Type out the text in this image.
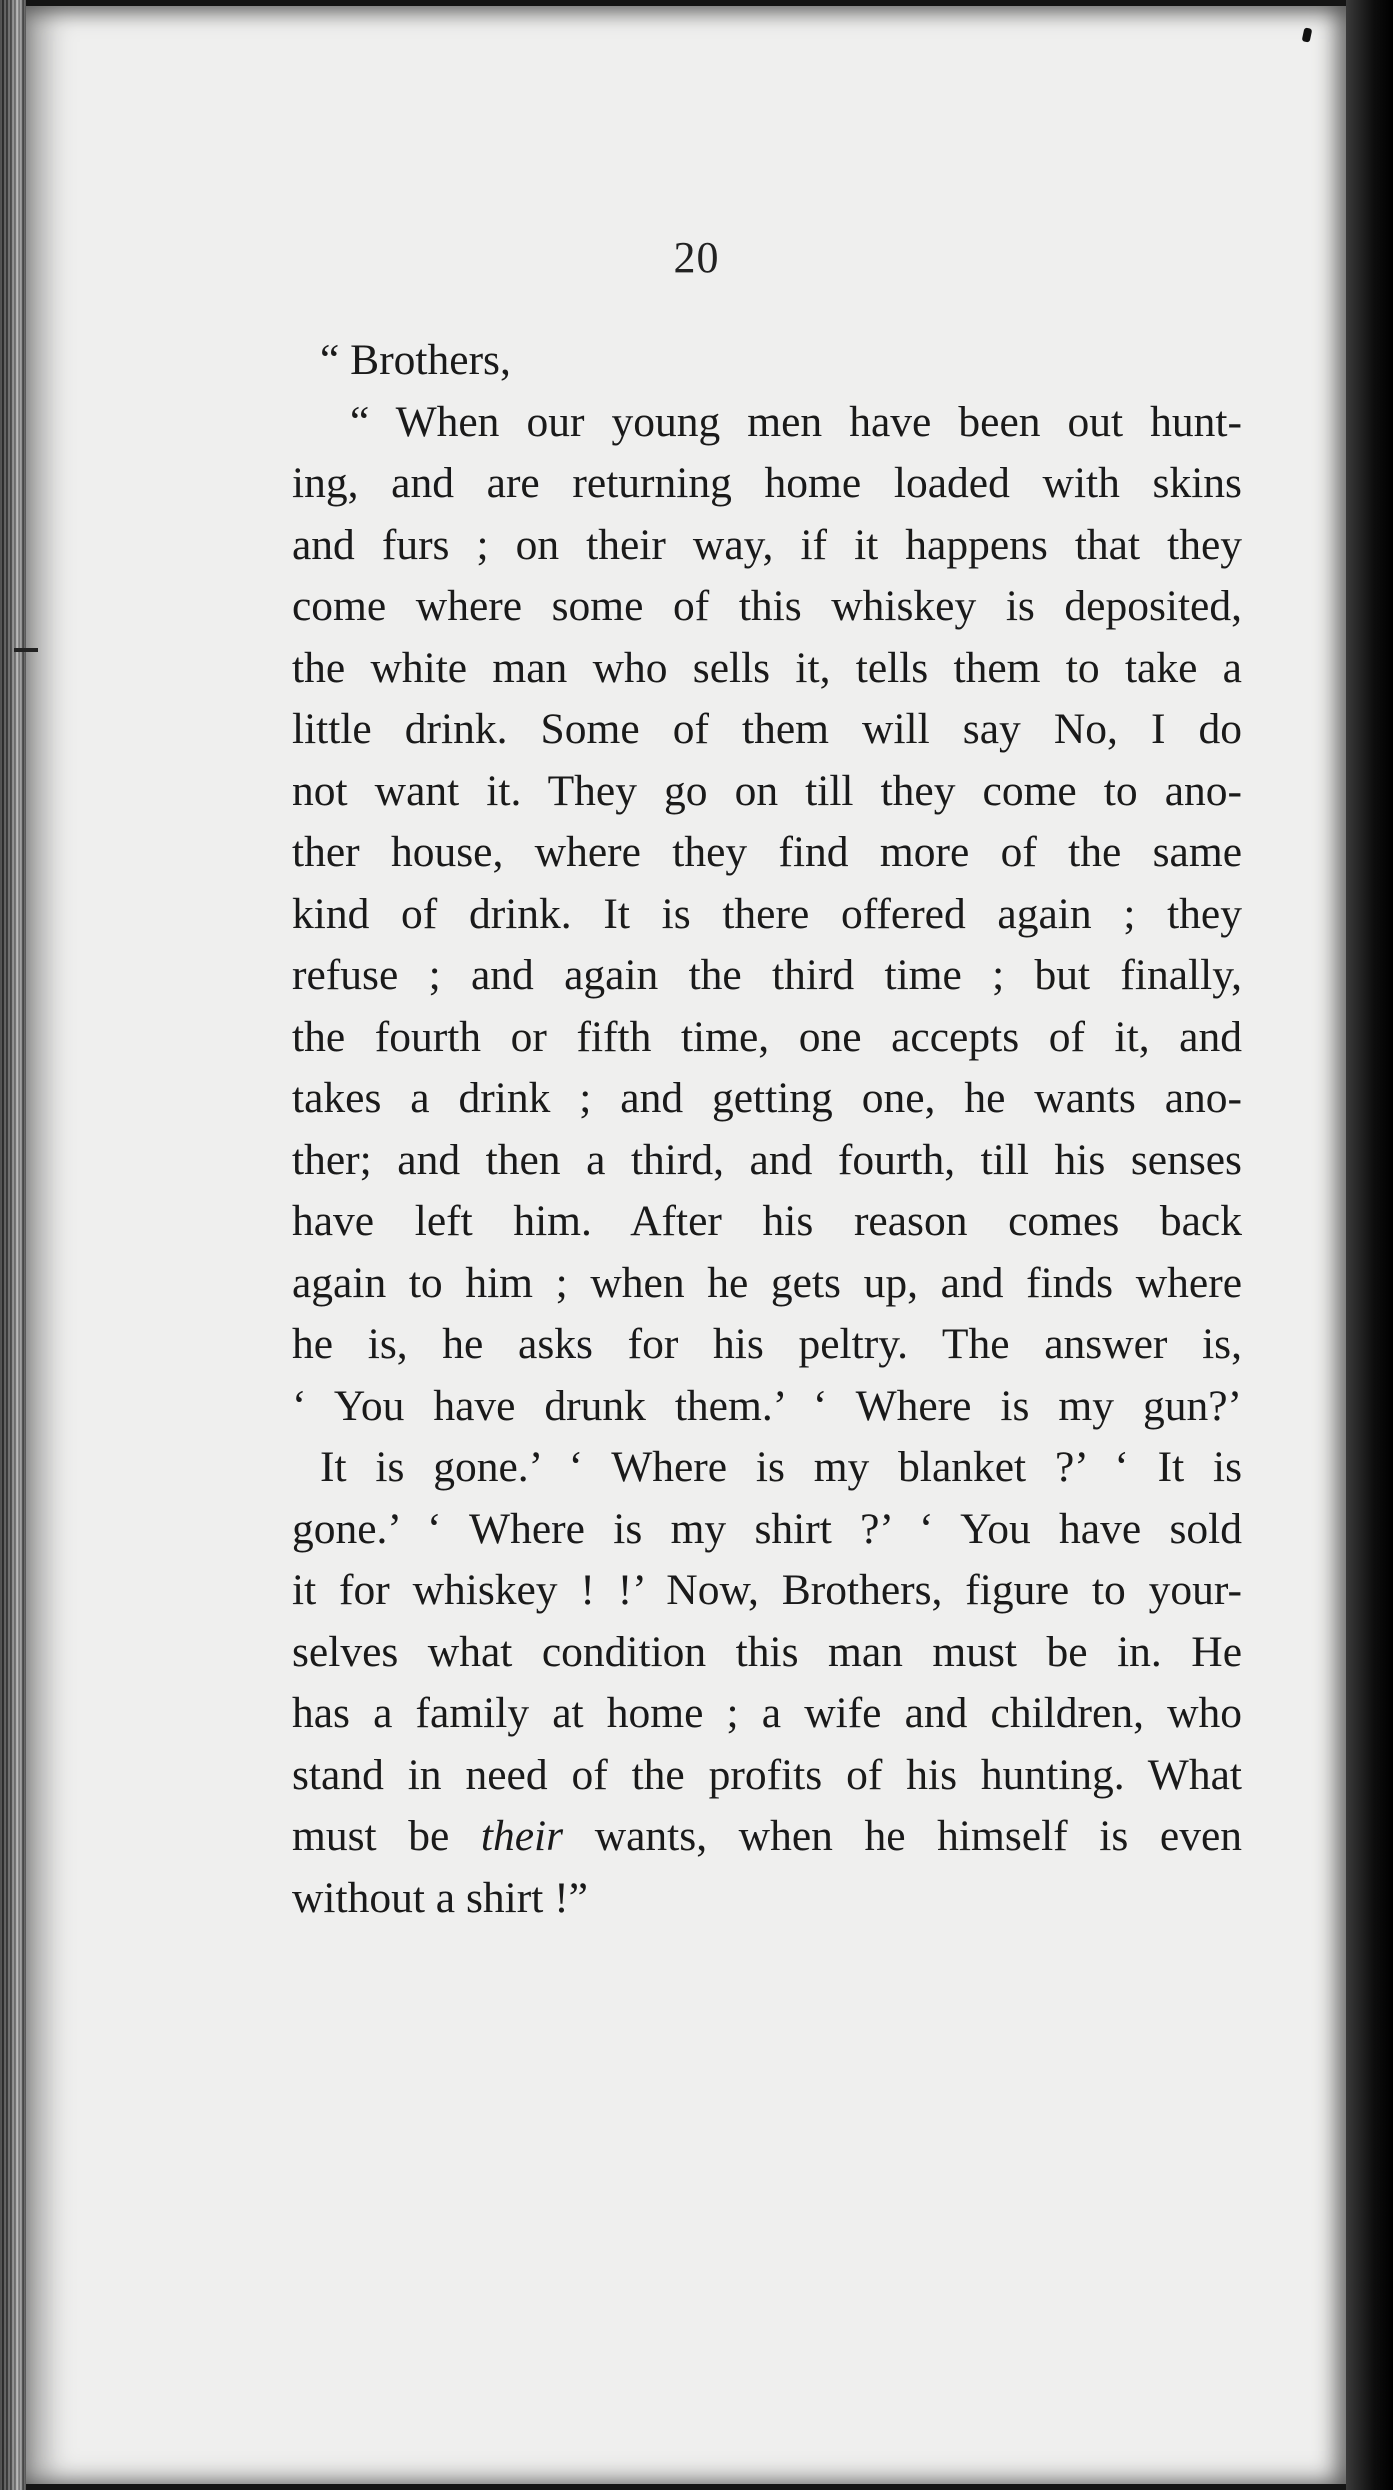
20
“ Brothers,
“ When our young men have been out hunt-
ing, and are returning home loaded with skins
and furs ; on their way, if it happens that they
come where some of this whiskey is deposited,
the white man who sells it, tells them to take a
little drink. Some of them will say No, I do
not want it. They go on till they come to ano-
ther house, where they find more of the same
kind of drink. It is there offered again ; they
refuse ; and again the third time ; but finally,
the fourth or fifth time, one accepts of it, and
takes a drink ; and getting one, he wants ano-
ther; and then a third, and fourth, till his senses
have left him. After his reason comes back
again to him ; when he gets up, and finds where
he is, he asks for his peltry. The answer is,
‘ You have drunk them.’ ‘ Where is my gun?’
It is gone.’ ‘ Where is my blanket ?’ ‘ It is
gone.’ ‘ Where is my shirt ?’ ‘ You have sold
it for whiskey ! !’ Now, Brothers, figure to your-
selves what condition this man must be in. He
has a family at home ; a wife and children, who
stand in need of the profits of his hunting. What
must be their wants, when he himself is even
without a shirt !”
